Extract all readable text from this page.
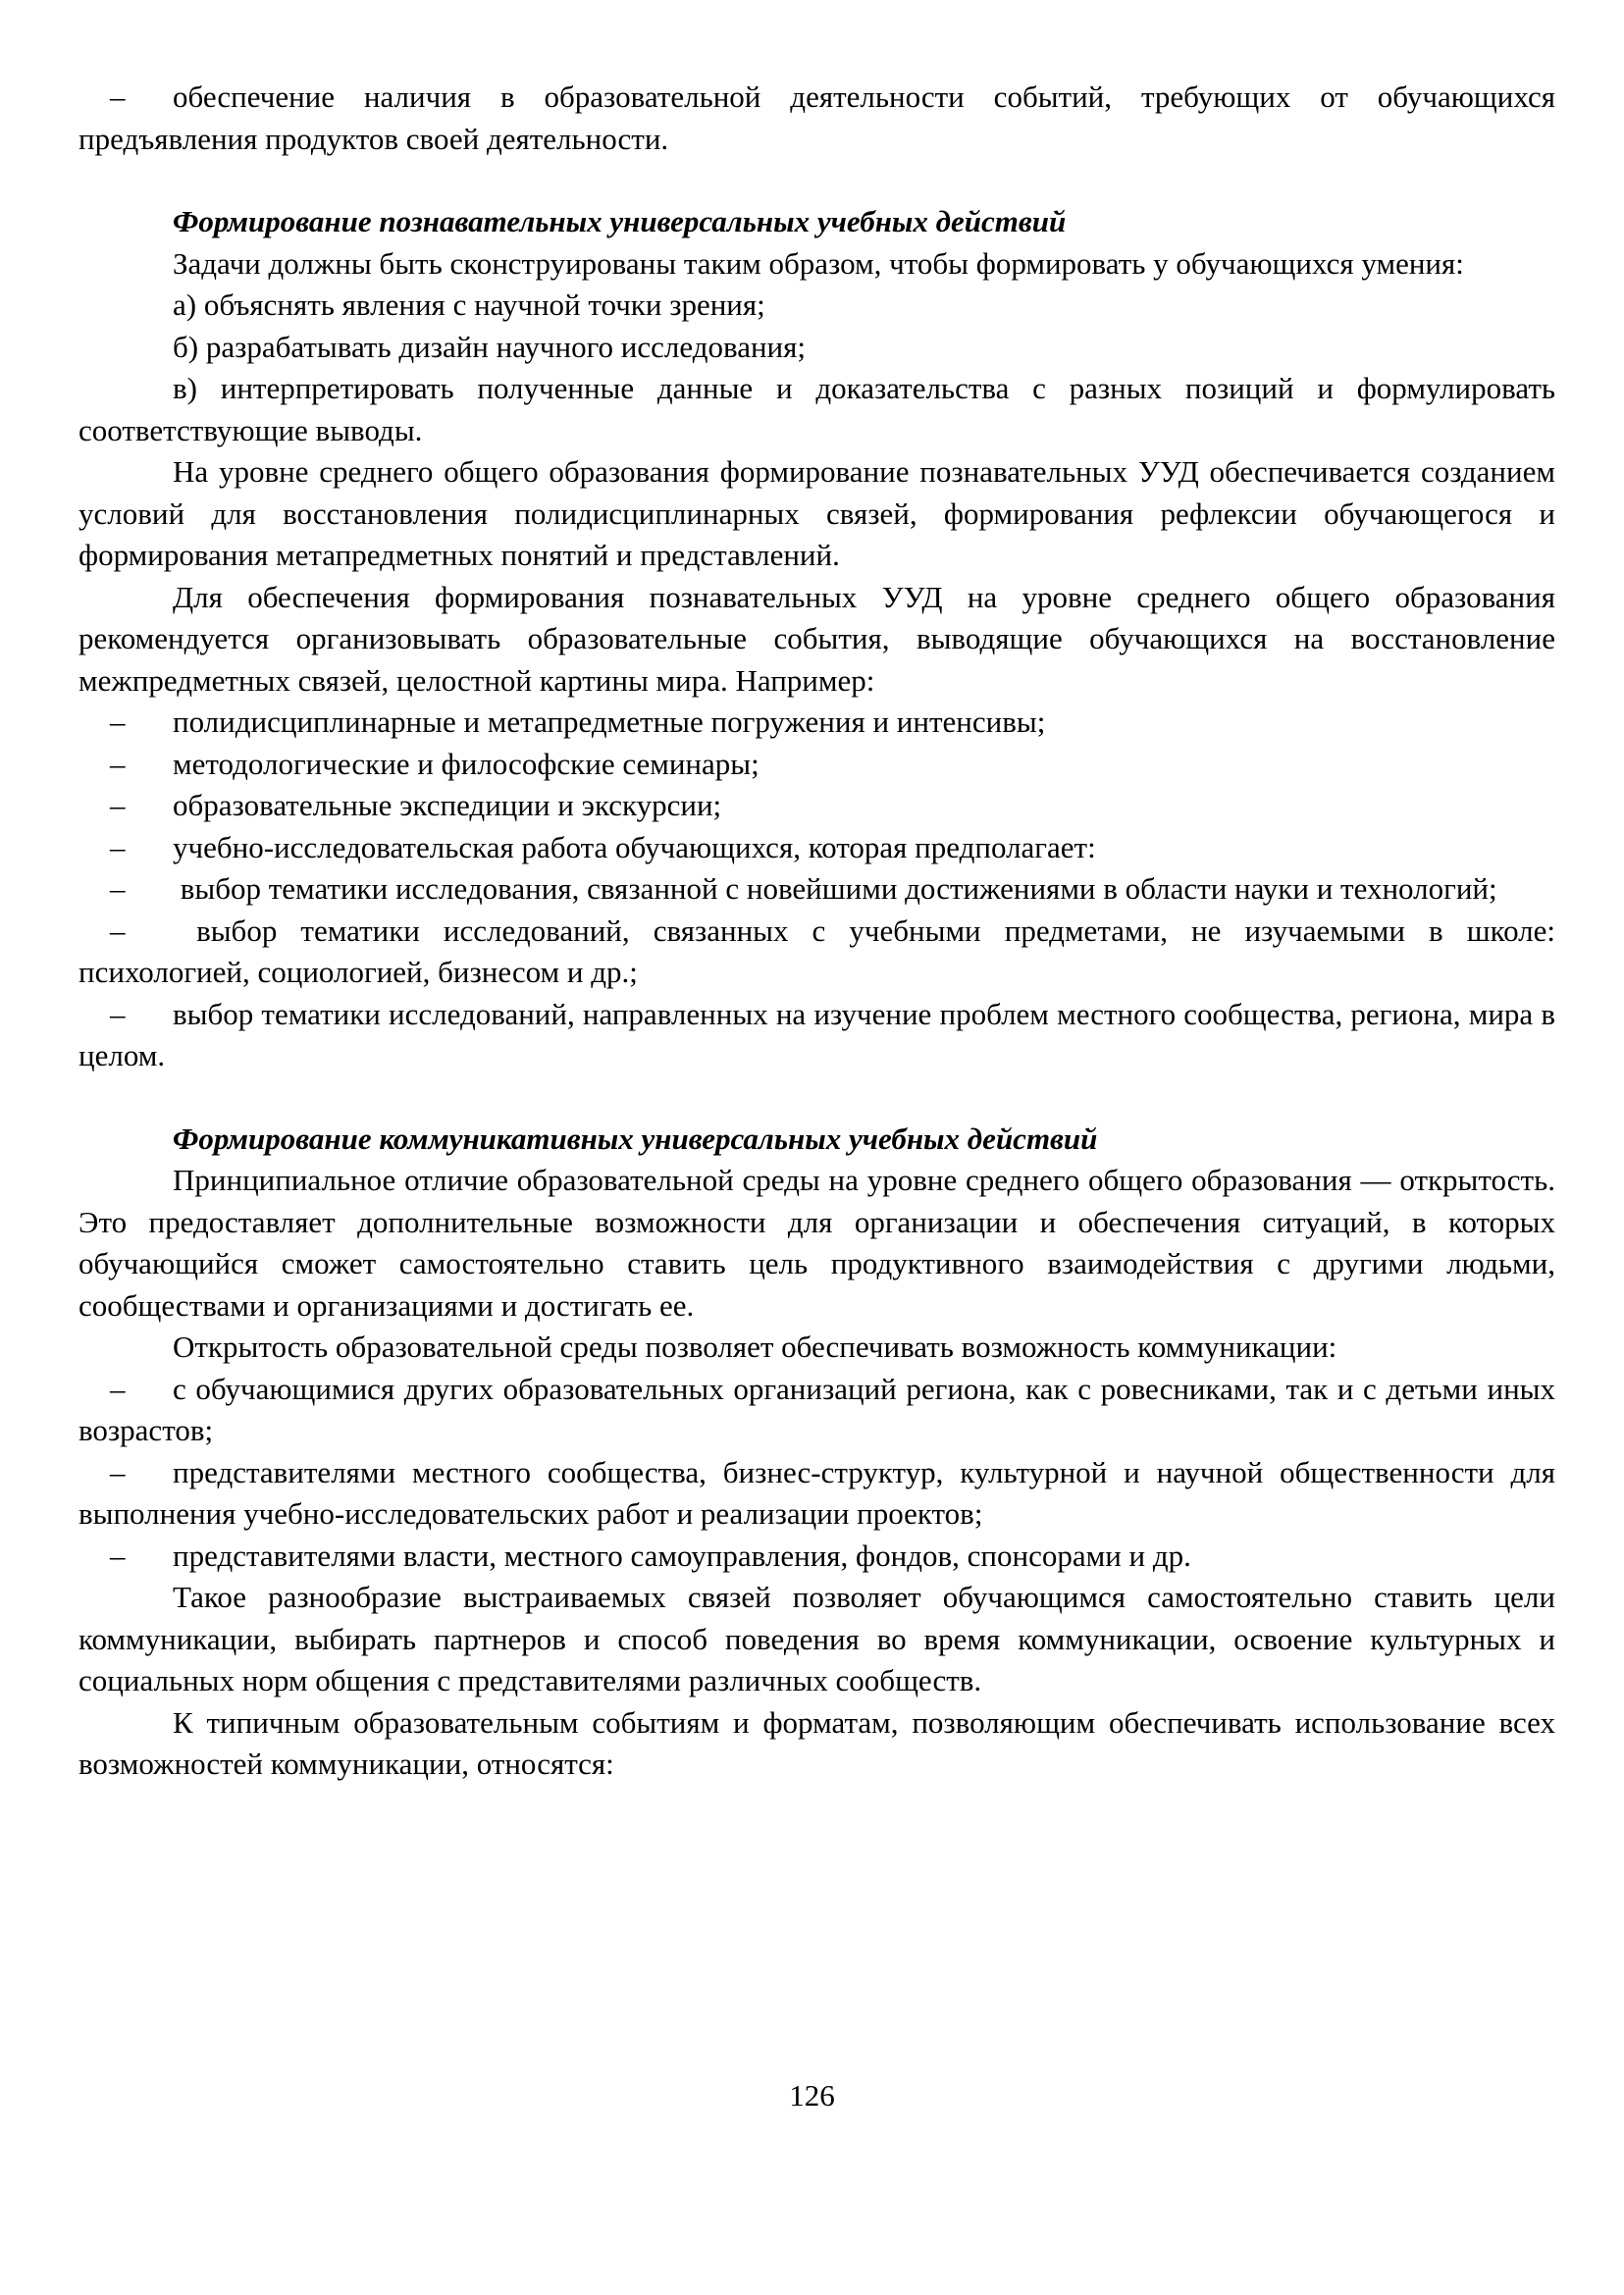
– обеспечение наличия в образовательной деятельности событий, требующих от обучающихся предъявления продуктов своей деятельности.

Формирование познавательных универсальных учебных действий

Задачи должны быть сконструированы таким образом, чтобы формировать у обучающихся умения:

а) объяснять явления с научной точки зрения;

б) разрабатывать дизайн научного исследования;

в) интерпретировать полученные данные и доказательства с разных позиций и формулировать соответствующие выводы.

На уровне среднего общего образования формирование познавательных УУД обеспечивается созданием условий для восстановления полидисциплинарных связей, формирования рефлексии обучающегося и формирования метапредметных понятий и представлений.

Для обеспечения формирования познавательных УУД на уровне среднего общего образования рекомендуется организовывать образовательные события, выводящие обучающихся на восстановление межпредметных связей, целостной картины мира. Например:

– полидисциплинарные и метапредметные погружения и интенсивы;

– методологические и философские семинары;

– образовательные экспедиции и экскурсии;

– учебно-исследовательская работа обучающихся, которая предполагает:

– выбор тематики исследования, связанной с новейшими достижениями в области науки и технологий;

– выбор тематики исследований, связанных с учебными предметами, не изучаемыми в школе: психологией, социологией, бизнесом и др.;

– выбор тематики исследований, направленных на изучение проблем местного сообщества, региона, мира в целом.

Формирование коммуникативных универсальных учебных действий

Принципиальное отличие образовательной среды на уровне среднего общего образования — открытость. Это предоставляет дополнительные возможности для организации и обеспечения ситуаций, в которых обучающийся сможет самостоятельно ставить цель продуктивного взаимодействия с другими людьми, сообществами и организациями и достигать ее.

Открытость образовательной среды позволяет обеспечивать возможность коммуникации:

– с обучающимися других образовательных организаций региона, как с ровесниками, так и с детьми иных возрастов;

– представителями местного сообщества, бизнес-структур, культурной и научной общественности для выполнения учебно-исследовательских работ и реализации проектов;

– представителями власти, местного самоуправления, фондов, спонсорами и др.

Такое разнообразие выстраиваемых связей позволяет обучающимся самостоятельно ставить цели коммуникации, выбирать партнеров и способ поведения во время коммуникации, освоение культурных и социальных норм общения с представителями различных сообществ.

К типичным образовательным событиям и форматам, позволяющим обеспечивать использование всех возможностей коммуникации, относятся:

126
